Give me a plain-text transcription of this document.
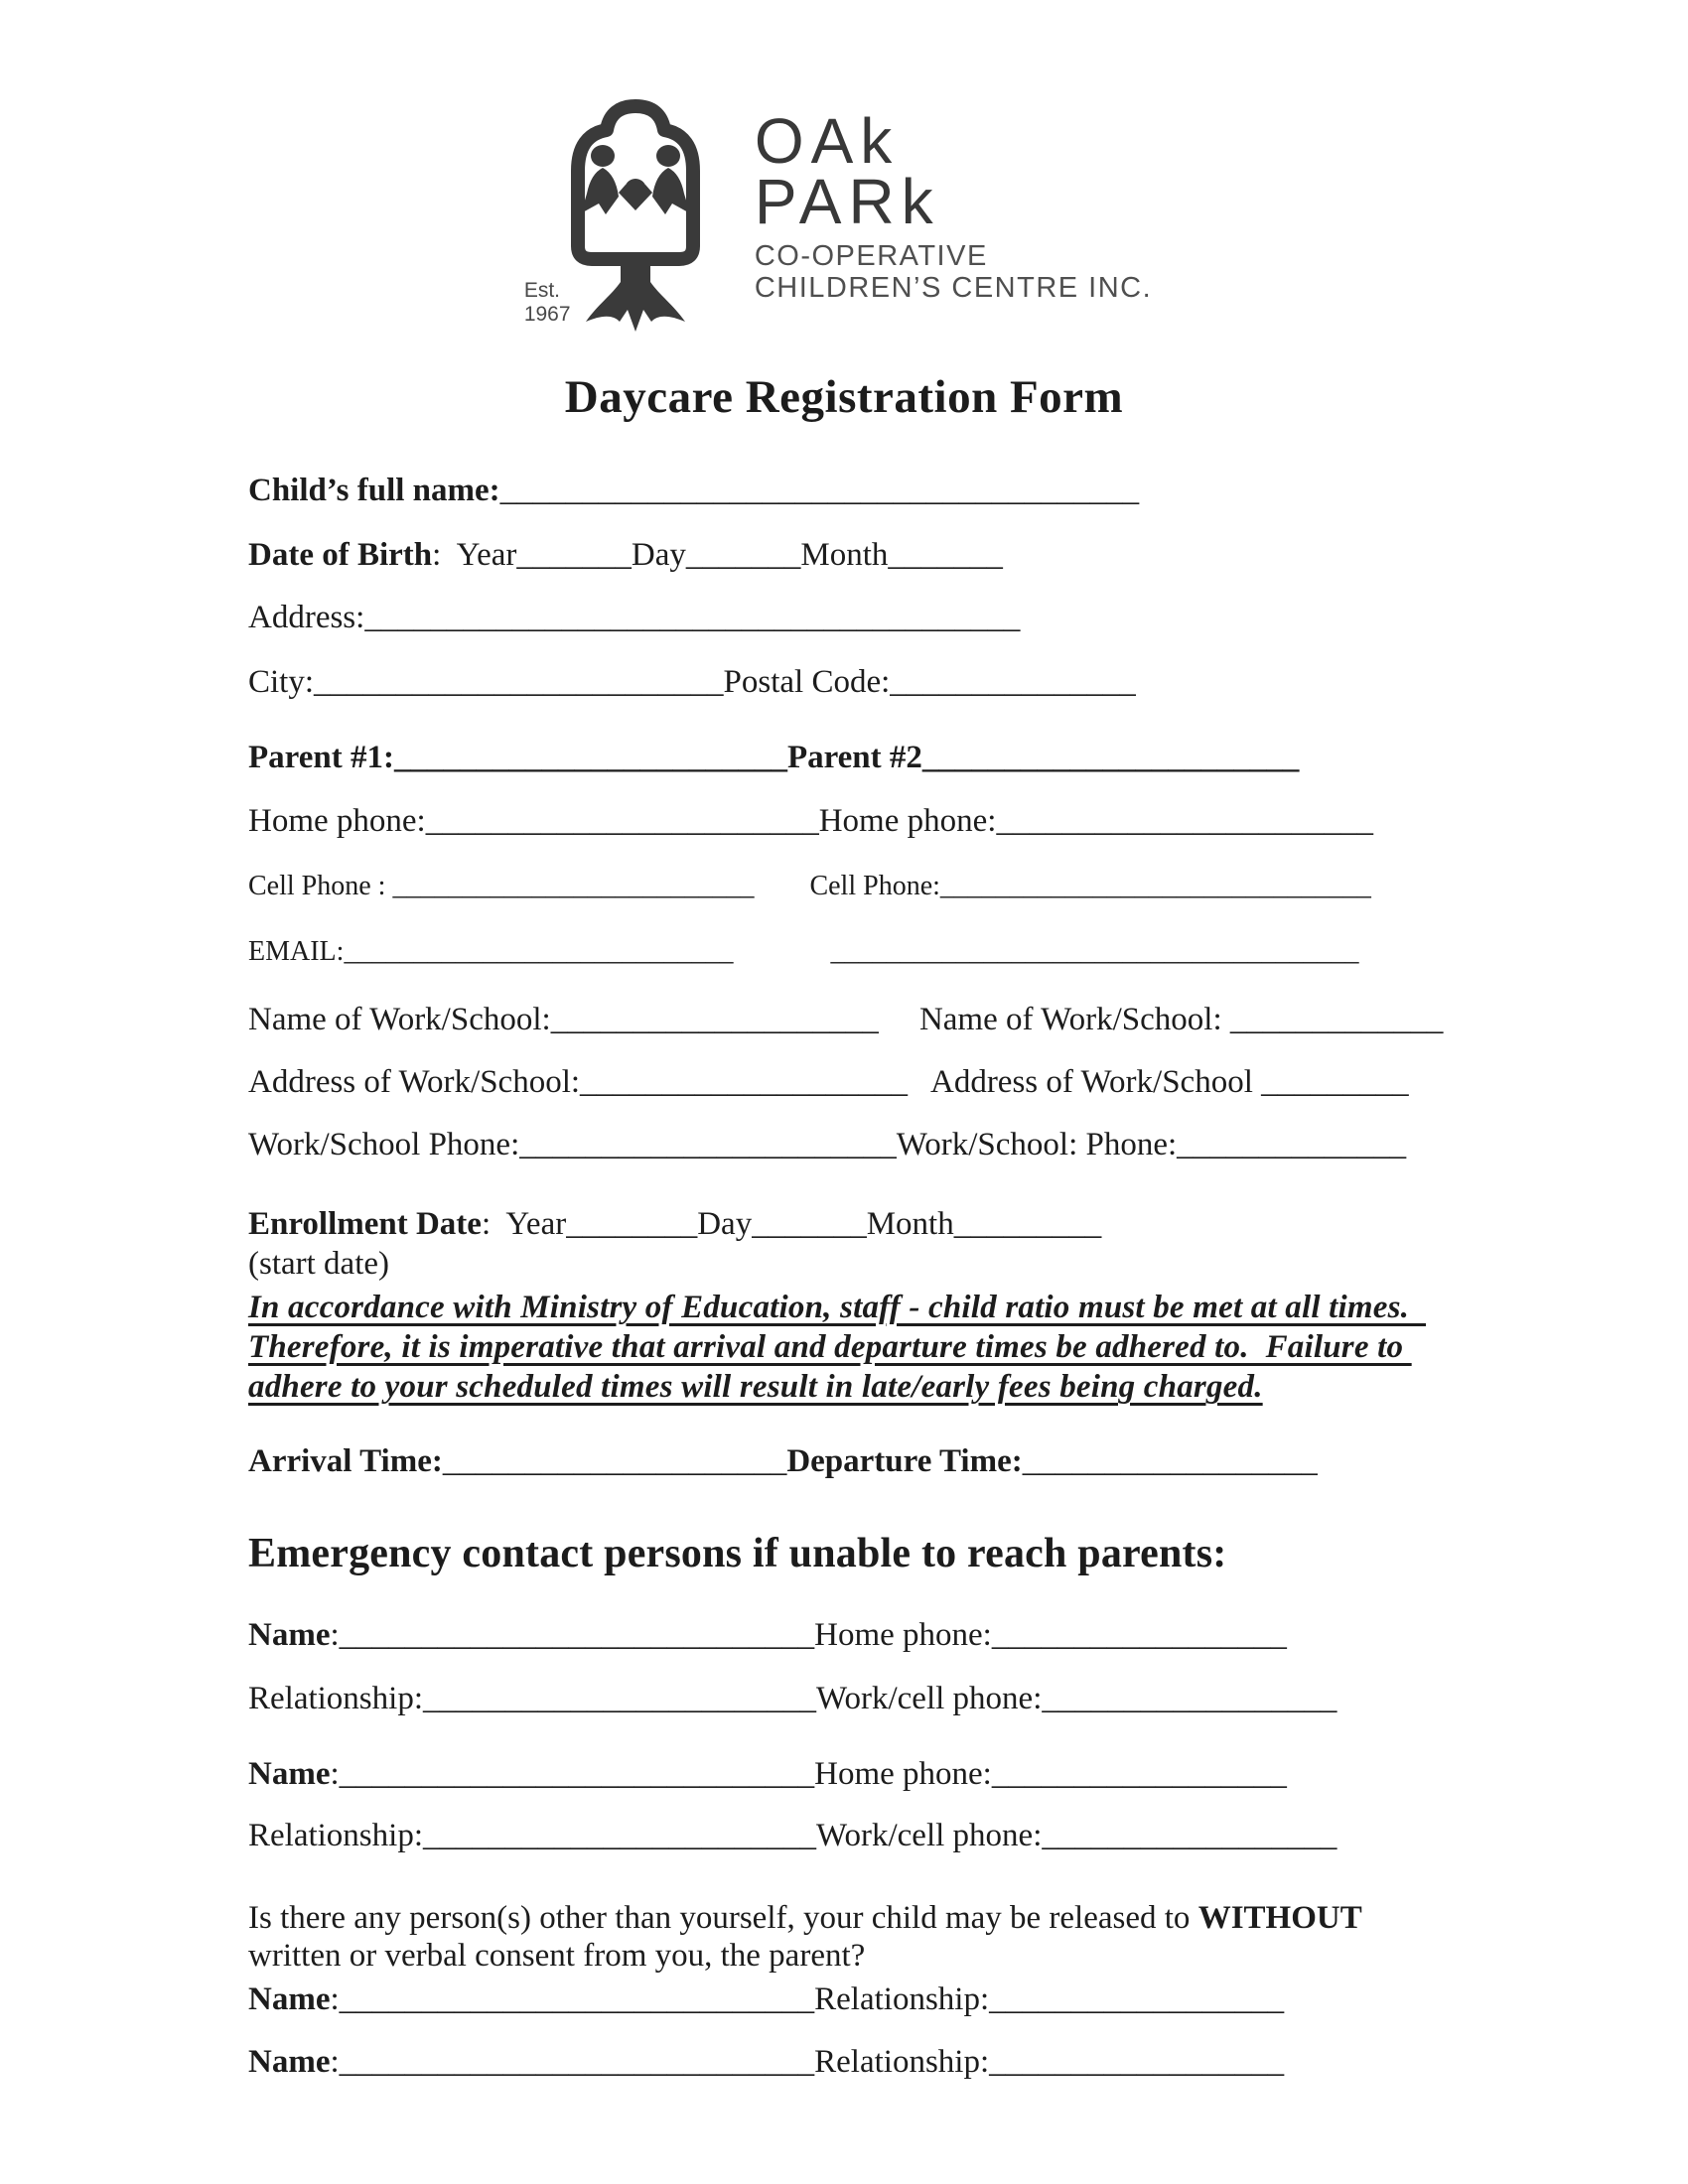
Est.
1967
OAk
PARk
CO-OPERATIVE
CHILDREN’S CENTRE INC.
Daycare Registration Form
Child’s full name:_______________________________________
Date of Birth:  Year_______Day_______Month_______
Address:________________________________________
City:_________________________Postal Code:_______________
Parent #1:________________________Parent #2_______________________
Home phone:________________________Home phone:_______________________
Cell Phone : __________________________ Cell Phone:_______________________________
EMAIL:____________________________	______________________________________
Name of Work/School:____________________ Name of Work/School: _____________
Address of Work/School:____________________ Address of Work/School _________
Work/School Phone:_______________________Work/School: Phone:______________
Enrollment Date:  Year________Day_______Month_________
(start date)
In accordance with Ministry of Education, staff - child ratio must be met at all times.
Therefore, it is imperative that arrival and departure times be adhered to.  Failure to
adhere to your scheduled times will result in late/early fees being charged.
Arrival Time:_____________________Departure Time:__________________
Emergency contact persons if unable to reach parents:
Name:_____________________________Home phone:__________________
Relationship:________________________Work/cell phone:__________________
Name:_____________________________Home phone:__________________
Relationship:________________________Work/cell phone:__________________
Is there any person(s) other than yourself, your child may be released to WITHOUT
written or verbal consent from you, the parent?
Name:_____________________________Relationship:__________________
Name:_____________________________Relationship:__________________
